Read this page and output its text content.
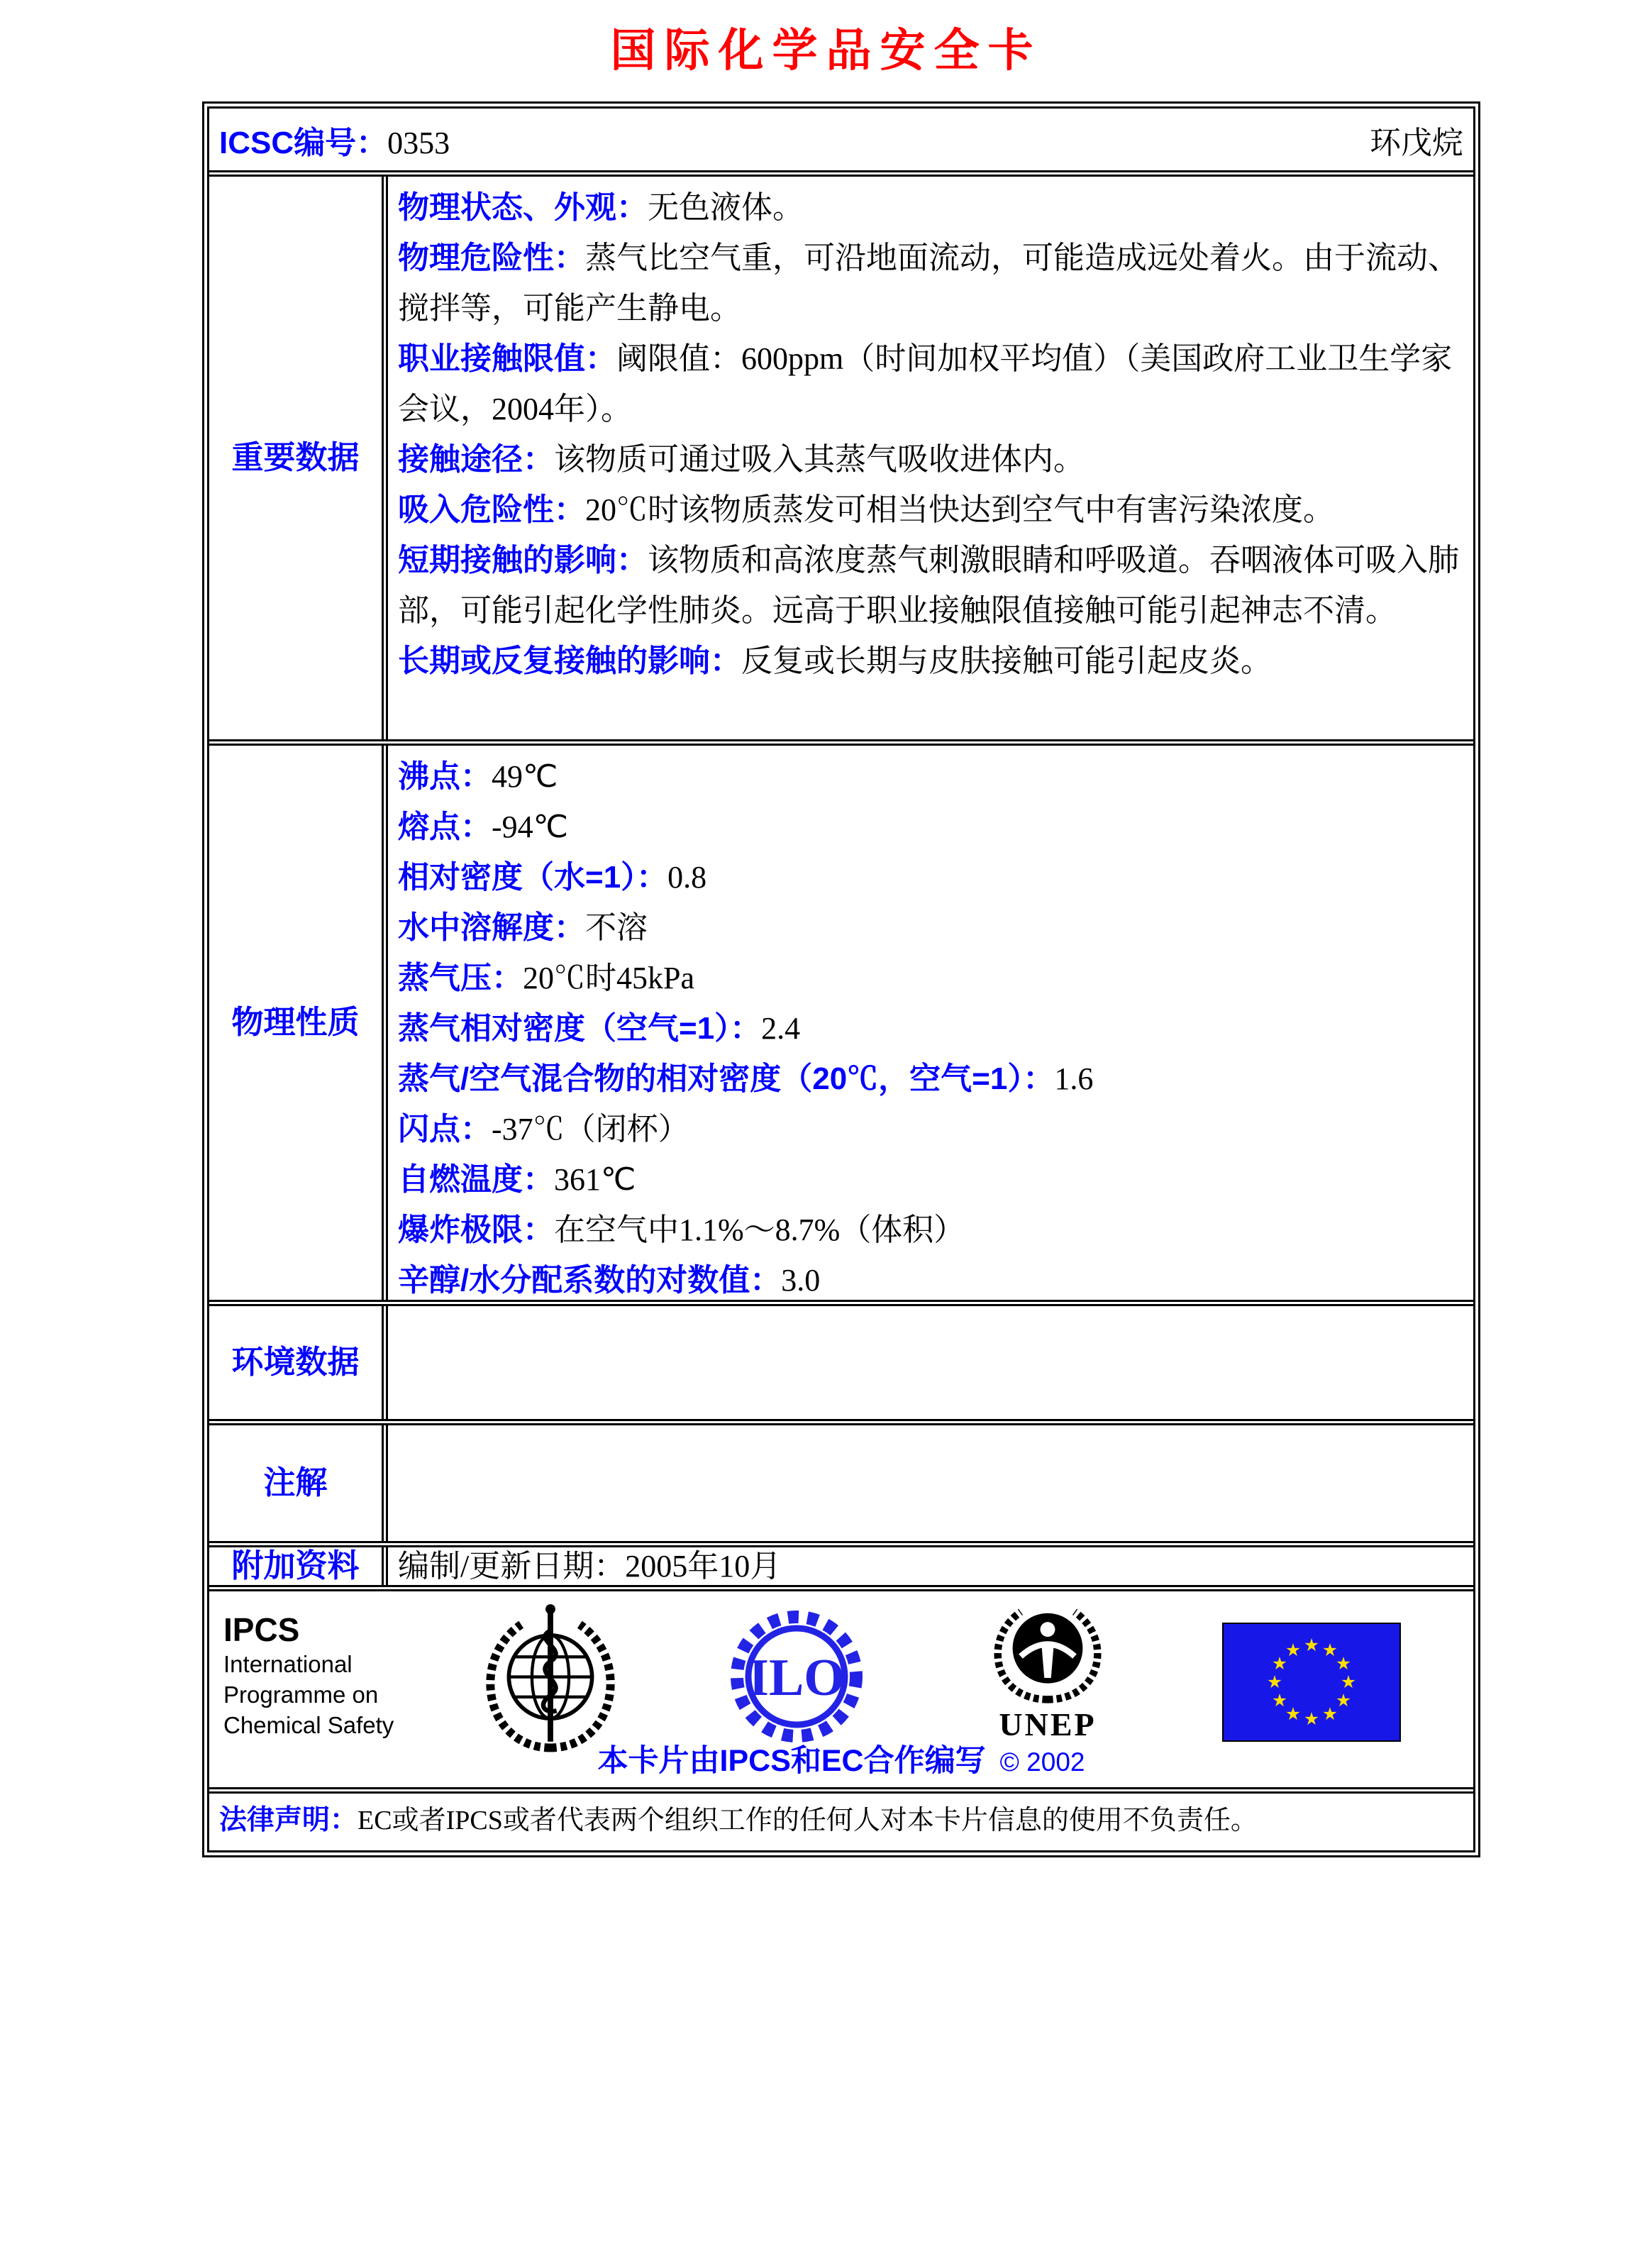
国际化学品安全卡
ICSC编号：0353	环戊烷
重要数据

物理状态、外观：无色液体。

物理危险性：蒸气比空气重，可沿地面流动，可能造成远处着火。由于流动、搅拌等，可能产生静电。

职业接触限值：阈限值：600ppm（时间加权平均值）（美国政府工业卫生学家会议，2004年）。

接触途径：该物质可通过吸入其蒸气吸收进体内。

吸入危险性：20℃时该物质蒸发可相当快达到空气中有害污染浓度。

短期接触的影响：该物质和高浓度蒸气刺激眼睛和呼吸道。吞咽液体可吸入肺部，可能引起化学性肺炎。远高于职业接触限值接触可能引起神志不清。

长期或反复接触的影响：反复或长期与皮肤接触可能引起皮炎。

物理性质

沸点：49℃

熔点：-94℃

相对密度（水=1）：0.8

水中溶解度：不溶

蒸气压：20℃时45kPa

蒸气相对密度（空气=1）：2.4

蒸气/空气混合物的相对密度（20℃，空气=1）：1.6

闪点：-37℃（闭杯）

自燃温度：361℃

爆炸极限：在空气中1.1%～8.7%（体积）

辛醇/水分配系数的对数值：3.0

环境数据
注解
附加资料	编制/更新日期：2005年10月
IPCS
International
Programme on
Chemical Safety
ILO
UNEP
本卡片由IPCS和EC合作编写 © 2002
法律声明：EC或者IPCS或者代表两个组织工作的任何人对本卡片信息的使用不负责任。
